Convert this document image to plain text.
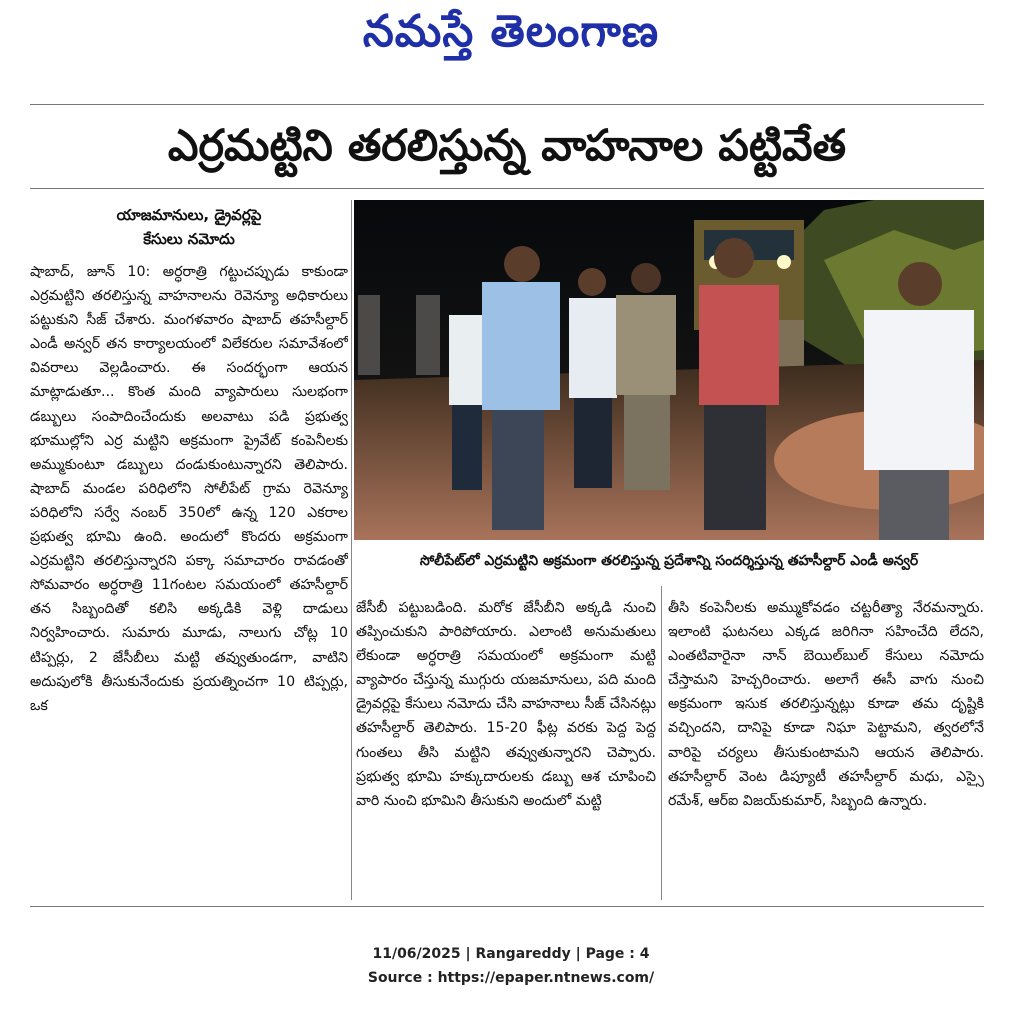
నమస్తే తెలంగాణ
ఎర్రమట్టిని తరలిస్తున్న వాహనాల పట్టివేత
యాజమానులు, డ్రైవర్లపై
కేసులు నమోదు

షాబాద్, జూన్ 10: అర్ధరాత్రి గట్టుచప్పుడు కాకుండా ఎర్రమట్టిని తరలిస్తున్న వాహనాలను రెవెన్యూ అధికారులు పట్టుకుని సీజ్ చేశారు. మంగళవారం షాబాద్ తహసీల్దార్ ఎండీ అన్వర్ తన కార్యాలయంలో విలేకరుల సమావేశంలో వివరాలు వెల్లడించారు. ఈ సందర్భంగా ఆయన మాట్లాడుతూ... కొంత మంది వ్యాపారులు సులభంగా డబ్బులు సంపాదించేందుకు అలవాటు పడి ప్రభుత్వ భూముల్లోని ఎర్ర మట్టిని అక్రమంగా ప్రైవేట్ కంపెనీలకు అమ్ముకుంటూ డబ్బులు దండుకుంటున్నారని తెలిపారు. షాబాద్ మండల పరిధిలోని సోలీపేట్ గ్రామ రెవెన్యూ పరిధిలోని సర్వే నంబర్ 350లో ఉన్న 120 ఎకరాల ప్రభుత్వ భూమి ఉంది. అందులో కొందరు అక్రమంగా ఎర్రమట్టిని తరలిస్తున్నారని పక్కా సమాచారం రావడంతో సోమవారం అర్ధరాత్రి 11గంటల సమయంలో తహసీల్దార్ తన సిబ్బందితో కలిసి అక్కడికి వెళ్లి దాడులు నిర్వహించారు. సుమారు మూడు, నాలుగు చోట్ల 10 టిప్పర్లు, 2 జేసీబీలు మట్టి తవ్వుతుండగా, వాటిని అదుపులోకి తీసుకునేందుకు ప్రయత్నించగా 10 టిప్పర్లు, ఒక

సోలీపేట్‌లో ఎర్రమట్టిని అక్రమంగా తరలిస్తున్న ప్రదేశాన్ని సందర్శిస్తున్న తహసీల్దార్ ఎండీ అన్వర్

జేసీబీ పట్టుబడింది. మరోక జేసీబీని అక్కడి నుంచి తప్పించుకుని పారిపోయారు. ఎలాంటి అనుమతులు లేకుండా అర్ధరాత్రి సమయంలో అక్రమంగా మట్టి వ్యాపారం చేస్తున్న ముగ్గురు యజమానులు, పది మంది డ్రైవర్లపై కేసులు నమోదు చేసి వాహనాలు సీజ్ చేసినట్లు తహసీల్దార్ తెలిపారు. 15-20 ఫీట్ల వరకు పెద్ద పెద్ద గుంతలు తీసి మట్టిని తవ్వుతున్నారని చెప్పారు. ప్రభుత్వ భూమి హక్కుదారులకు డబ్బు ఆశ చూపించి వారి నుంచి భూమిని తీసుకుని అందులో మట్టి

తీసి కంపెనీలకు అమ్ముకోవడం చట్టరీత్యా నేరమన్నారు. ఇలాంటి ఘటనలు ఎక్కడ జరిగినా సహించేది లేదని, ఎంతటివారైనా నాన్ బెయిల్‌బుల్ కేసులు నమోదు చేస్తామని హెచ్చరించారు. అలాగే ఈసీ వాగు నుంచి అక్రమంగా ఇసుక తరలిస్తున్నట్లు కూడా తమ దృష్టికి వచ్చిందని, దానిపై కూడా నిఘా పెట్టామని, త్వరలోనే వారిపై చర్యలు తీసుకుంటామని ఆయన తెలిపారు. తహసీల్దార్ వెంట డిప్యూటీ తహసీల్దార్ మధు, ఎస్సై రమేశ్, ఆర్ఐ విజయ్‌కుమార్, సిబ్బంది ఉన్నారు.

11/06/2025 | Rangareddy | Page : 4
Source : https://epaper.ntnews.com/
